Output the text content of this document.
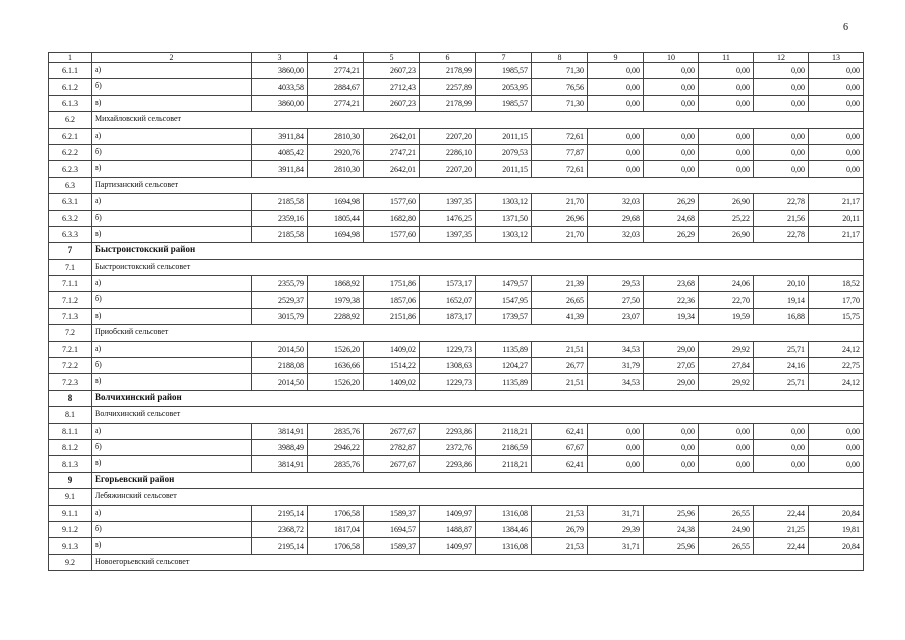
6
1	2	3	4	5	6	7	8	9	10	11	12	13
6.1.1	а)	3860,00	2774,21	2607,23	2178,99	1985,57	71,30	0,00	0,00	0,00	0,00	0,00
6.1.2	б)	4033,58	2884,67	2712,43	2257,89	2053,95	76,56	0,00	0,00	0,00	0,00	0,00
6.1.3	в)	3860,00	2774,21	2607,23	2178,99	1985,57	71,30	0,00	0,00	0,00	0,00	0,00
6.2	Михайловский сельсовет											
6.2.1	а)	3911,84	2810,30	2642,01	2207,20	2011,15	72,61	0,00	0,00	0,00	0,00	0,00
6.2.2	б)	4085,42	2920,76	2747,21	2286,10	2079,53	77,87	0,00	0,00	0,00	0,00	0,00
6.2.3	в)	3911,84	2810,30	2642,01	2207,20	2011,15	72,61	0,00	0,00	0,00	0,00	0,00
6.3	Партизанский сельсовет											
6.3.1	а)	2185,58	1694,98	1577,60	1397,35	1303,12	21,70	32,03	26,29	26,90	22,78	21,17
6.3.2	б)	2359,16	1805,44	1682,80	1476,25	1371,50	26,96	29,68	24,68	25,22	21,56	20,11
6.3.3	в)	2185,58	1694,98	1577,60	1397,35	1303,12	21,70	32,03	26,29	26,90	22,78	21,17
7	Быстроистокский район											
7.1	Быстроистокский сельсовет											
7.1.1	а)	2355,79	1868,92	1751,86	1573,17	1479,57	21,39	29,53	23,68	24,06	20,10	18,52
7.1.2	б)	2529,37	1979,38	1857,06	1652,07	1547,95	26,65	27,50	22,36	22,70	19,14	17,70
7.1.3	в)	3015,79	2288,92	2151,86	1873,17	1739,57	41,39	23,07	19,34	19,59	16,88	15,75
7.2	Приобский сельсовет											
7.2.1	а)	2014,50	1526,20	1409,02	1229,73	1135,89	21,51	34,53	29,00	29,92	25,71	24,12
7.2.2	б)	2188,08	1636,66	1514,22	1308,63	1204,27	26,77	31,79	27,05	27,84	24,16	22,75
7.2.3	в)	2014,50	1526,20	1409,02	1229,73	1135,89	21,51	34,53	29,00	29,92	25,71	24,12
8	Волчихинский район											
8.1	Волчихинский сельсовет											
8.1.1	а)	3814,91	2835,76	2677,67	2293,86	2118,21	62,41	0,00	0,00	0,00	0,00	0,00
8.1.2	б)	3988,49	2946,22	2782,87	2372,76	2186,59	67,67	0,00	0,00	0,00	0,00	0,00
8.1.3	в)	3814,91	2835,76	2677,67	2293,86	2118,21	62,41	0,00	0,00	0,00	0,00	0,00
9	Егорьевский район											
9.1	Лебяжинский сельсовет											
9.1.1	а)	2195,14	1706,58	1589,37	1409,97	1316,08	21,53	31,71	25,96	26,55	22,44	20,84
9.1.2	б)	2368,72	1817,04	1694,57	1488,87	1384,46	26,79	29,39	24,38	24,90	21,25	19,81
9.1.3	в)	2195,14	1706,58	1589,37	1409,97	1316,08	21,53	31,71	25,96	26,55	22,44	20,84
9.2	Новоегорьевский сельсовет											
